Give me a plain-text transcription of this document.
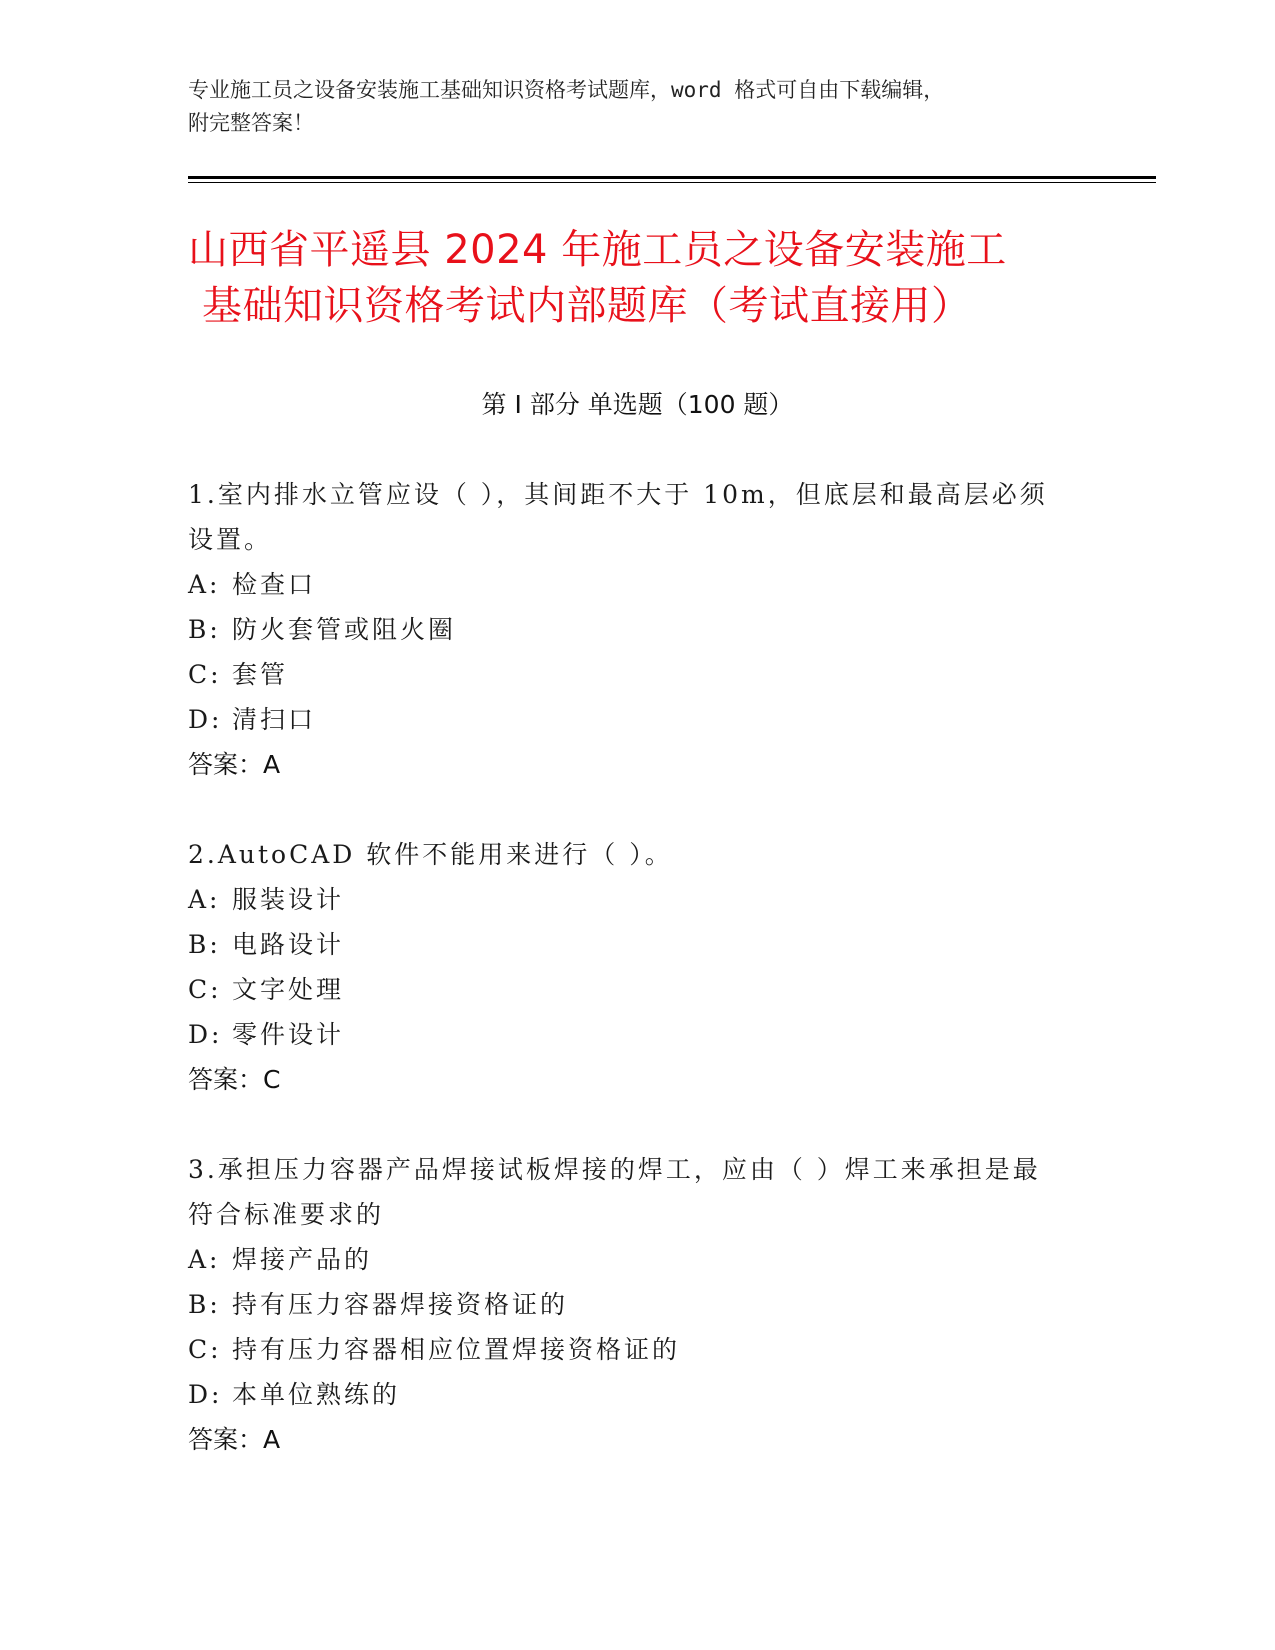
专业施工员之设备安装施工基础知识资格考试题库，word 格式可自由下载编辑，
附完整答案！
山西省平遥县 2024 年施工员之设备安装施工
基础知识资格考试内部题库（考试直接用）
第 I 部分 单选题（100 题）
1.室内排水立管应设（ ），其间距不大于 10m，但底层和最高层必须
设置。
A: 检查口
B: 防火套管或阻火圈
C: 套管
D: 清扫口
答案：A
2.AutoCAD 软件不能用来进行（ ）。
A: 服装设计
B: 电路设计
C: 文字处理
D: 零件设计
答案：C
3.承担压力容器产品焊接试板焊接的焊工，应由（ ）焊工来承担是最
符合标准要求的
A: 焊接产品的
B: 持有压力容器焊接资格证的
C: 持有压力容器相应位置焊接资格证的
D: 本单位熟练的
答案：A
